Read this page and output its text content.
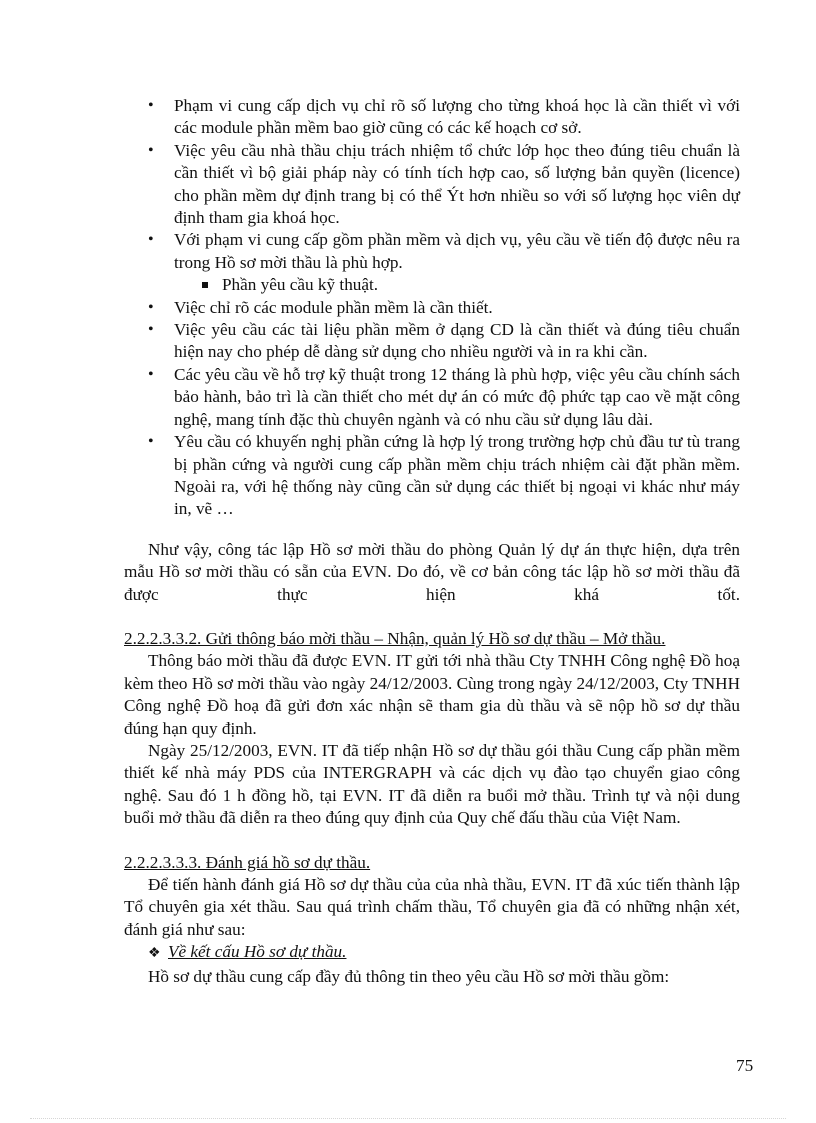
• Phạm vi cung cấp dịch vụ chỉ rõ số lượng cho từng khoá học là cần thiết vì với các module phần mềm bao giờ cũng có các kế hoạch cơ sở.
• Việc yêu cầu nhà thầu chịu trách nhiệm tổ chức lớp học theo đúng tiêu chuẩn là cần thiết vì bộ giải pháp này có tính tích hợp cao, số lượng bản quyền (licence) cho phần mềm dự định trang bị có thể Ýt hơn nhiều so với số lượng học viên dự định tham gia khoá học.
• Với phạm vi cung cấp gồm phần mềm và dịch vụ, yêu cầu về tiến độ được nêu ra trong Hồ sơ mời thầu là phù hợp.
Phần yêu cầu kỹ thuật.
• Việc chỉ rõ các module phần mềm là cần thiết.
• Việc yêu cầu các tài liệu phần mềm ở dạng CD là cần thiết và đúng tiêu chuẩn hiện nay cho phép dễ dàng sử dụng cho nhiều người và in ra khi cần.
• Các yêu cầu về hỗ trợ kỹ thuật trong 12 tháng là phù hợp, việc yêu cầu chính sách bảo hành, bảo trì là cần thiết cho mét dự án có mức độ phức tạp cao về mặt công nghệ, mang tính đặc thù chuyên ngành và có nhu cầu sử dụng lâu dài.
• Yêu cầu có khuyến nghị phần cứng là hợp lý trong trường hợp chủ đầu tư tù trang bị phần cứng và người cung cấp phần mềm chịu trách nhiệm cài đặt phần mềm. Ngoài ra, với hệ thống này cũng cần sử dụng các thiết bị ngoại vi khác như máy in, vẽ …

Như vậy, công tác lập Hồ sơ mời thầu do phòng Quản lý dự án thực hiện, dựa trên mẫu Hồ sơ mời thầu có sẵn của EVN. Do đó, về cơ bản công tác lập hồ sơ mời thầu đã được thực hiện khá tốt.

2.2.2.3.3.2. Gửi thông báo mời thầu – Nhận, quản lý Hồ sơ dự thầu – Mở thầu.

Thông báo mời thầu đã được EVN. IT gửi tới nhà thầu Cty TNHH Công nghệ Đồ hoạ kèm theo Hồ sơ mời thầu vào ngày 24/12/2003. Cùng trong ngày 24/12/2003, Cty TNHH Công nghệ Đồ hoạ đã gửi đơn xác nhận sẽ tham gia dù thầu và sẽ nộp hồ sơ dự thầu đúng hạn quy định.

Ngày 25/12/2003, EVN. IT đã tiếp nhận Hồ sơ dự thầu gói thầu Cung cấp phần mềm thiết kế nhà máy PDS của INTERGRAPH và các dịch vụ đào tạo chuyển giao công nghệ. Sau đó 1 h đồng hồ, tại EVN. IT đã diễn ra buổi mở thầu. Trình tự và nội dung buổi mở thầu đã diễn ra theo đúng quy định của Quy chế đấu thầu của Việt Nam.

2.2.2.3.3.3. Đánh giá hồ sơ dự thầu.

Để tiến hành đánh giá Hồ sơ dự thầu của của nhà thầu, EVN. IT đã xúc tiến thành lập Tổ chuyên gia xét thầu. Sau quá trình chấm thầu, Tổ chuyên gia đã có những nhận xét, đánh giá như sau:

❖ Về kết cấu Hồ sơ dự thầu.

Hồ sơ dự thầu cung cấp đầy đủ thông tin theo yêu cầu Hồ sơ mời thầu gồm:

75
